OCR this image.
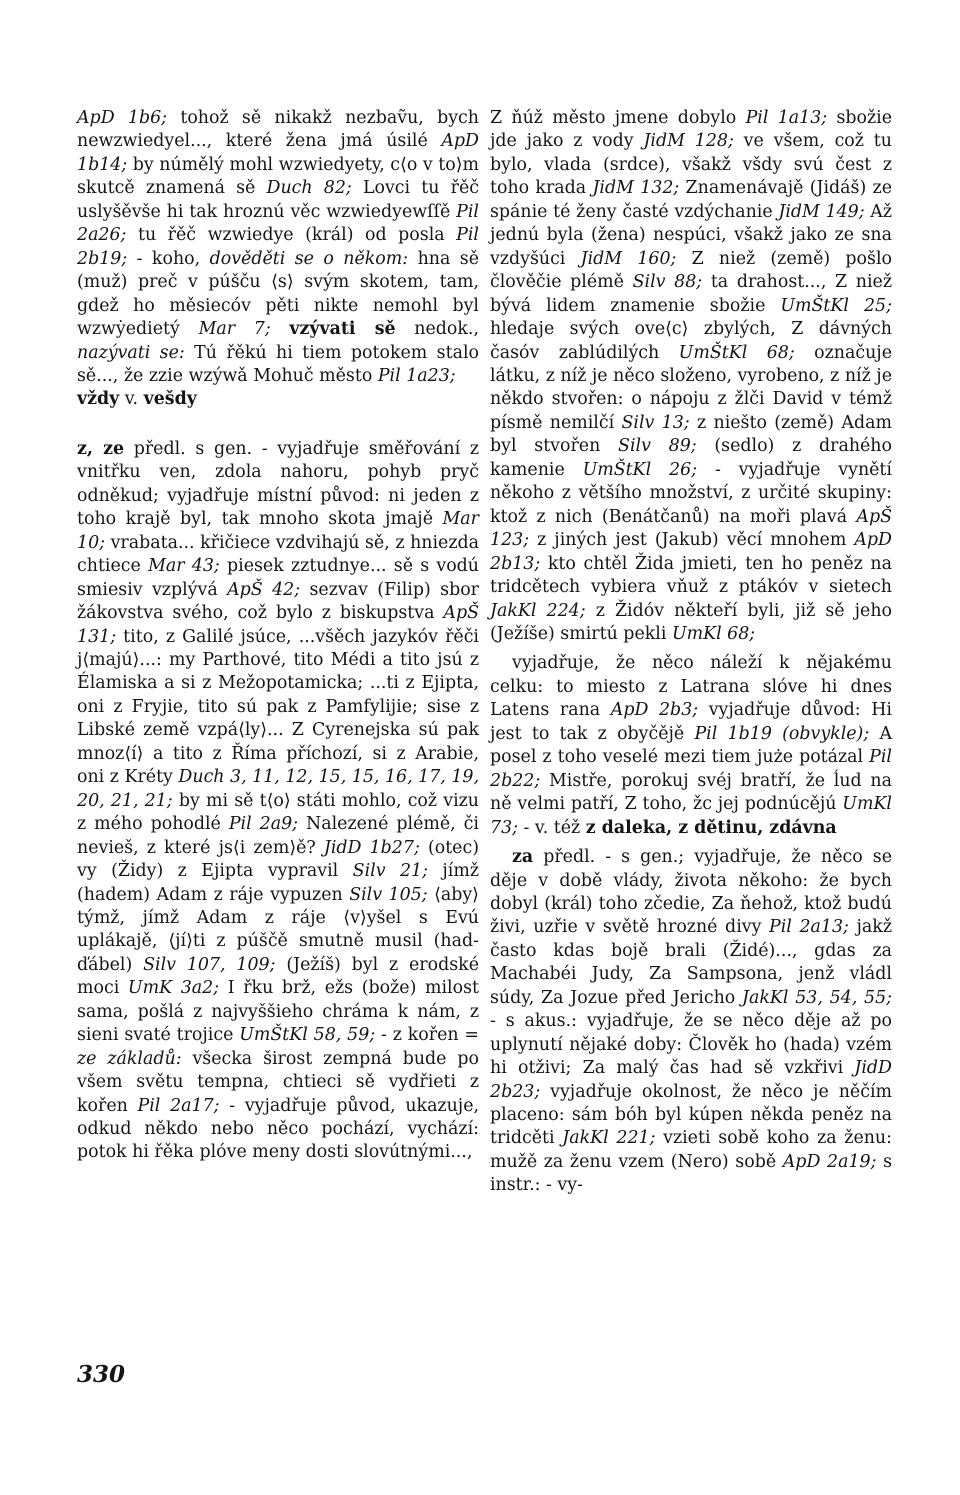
ApD 1b6; tohož sě nikakž nezbaṽu, bych newzwiedyel..., které žena jmá úsilé ApD 1b14; by númělý mohl wzwiedyety, c⟨o v to⟩m skutcě znamená sě Duch 82; Lovci tu řěč uslyšěvše hi tak hroznú věc wzwiedyewſſě Pil 2a26; tu řěč wzwiedye (král) od posla Pil 2b19; - koho, dověděti se o někom: hna sě (muž) preč v púšču ⟨s⟩ svým skotem, tam, gdež ho měsiecóv pěti nikte nemohl byl wzwẏedietý Mar 7; vzývati sě nedok., nazývati se: Tú řěkú hi tiem potokem stalo sě..., že zzie wzýwǎ Mohuč město Pil 1a23;

vždy v. vešdy

z, ze předl. s gen. - vyjadřuje směřování z vnitřku ven, zdola nahoru, pohyb pryč odněkud; vyjadřuje místní původ: ni jeden z toho krajě byl, tak mnoho skota jmajě Mar 10; vrabata... křičiece vzdvihajú sě, z hniezda chtiece Mar 43; piesek zztudnye... sě s vodú smiesiv vzplývá ApŠ 42; sezvav (Filip) sbor žákovstva svého, což bylo z biskupstva ApŠ 131; tito, z Galilé jsúce, ...všěch jazykóv řěči j⟨majú⟩...: my Parthové, tito Médi a tito jsú z Élamiska a si z Mežopotamicka; ...ti z Ejipta, oni z Fryjie, tito sú pak z Pamfylijie; sise z Libské země vzpá⟨ly⟩... Z Cyrenejska sú pak mnoz⟨í⟩ a tito z Říma příchozí, si z Arabie, oni z Kréty Duch 3, 11, 12, 15, 15, 16, 17, 19, 20, 21, 21; by mi sě t⟨o⟩ státi mohlo, což vizu z mého pohodlé Pil 2a9; Nalezené plémě, či nevieš, z které js⟨i zem⟩ě? JidD 1b27; (otec) vy (Židy) z Ejipta vypravil Silv 21; jímž (hadem) Adam z ráje vypuzen Silv 105; ⟨aby⟩ týmž, jímž Adam z ráje ⟨v⟩yšel s Evú uplákajě, ⟨jí⟩ti z púščě smutně musil (had-ďábel) Silv 107, 109; (Ježíš) byl z erodské moci UmK 3a2; I řku brž, ežs (bože) milost sama, pošlá z najvyššieho chráma k nám, z sieni svaté trojice UmŠtKl 58, 59; - z kořen = ze základů: všecka širost zempná bude po všem světu tempna, chtieci sě vydřieti z kořen Pil 2a17; - vyjadřuje původ, ukazuje, odkud někdo nebo něco pochází, vychází: potok hi řěka plóve meny dosti slovútnými...,

Z ňúž město jmene dobylo Pil 1a13; sbožie jde jako z vody JidM 128; ve všem, což tu bylo, vlada (srdce), všakž všdy svú čest z toho krada JidM 132; Znamenávajě (Jidáš) ze spánie té ženy časté vzdýchanie JidM 149; Až jednú byla (žena) nespúci, všakž jako ze sna vzdyšúci JidM 160; Z niež (země) pošlo člověčie plémě Silv 88; ta drahost..., Z niež bývá lidem znamenie sbožie UmŠtKl 25; hledaje svých ove⟨c⟩ zbylých, Z dávných časóv zablúdilých UmŠtKl 68; označuje látku, z níž je něco složeno, vyrobeno, z níž je někdo stvořen: o nápoju z žlči David v témž písmě nemilčí Silv 13; z niešto (země) Adam byl stvořen Silv 89; (sedlo) z drahého kamenie UmŠtKl 26; - vyjadřuje vynětí někoho z většího množství, z určité skupiny: ktož z nich (Benátčanů) na moři plavá ApŠ 123; z jiných jest (Jakub) věcí mnohem ApD 2b13; kto chtěl Žida jmieti, ten ho peněz na tridcětech vybiera vňuž z ptákóv v sietech JakKl 224; z Židóv někteří byli, již sě jeho (Ježíše) smirtú pekli UmKl 68;

vyjadřuje, že něco náleží k nějakému celku: to miesto z Latrana slóve hi dnes Latens rana ApD 2b3; vyjadřuje důvod: Hi jest to tak z obyčějě Pil 1b19 (obvykle); A posel z toho veselé mezi tiem jużе potázal Pil 2b22; Mistře, porokuj svéj bratří, že ĺud na ně velmi patří, Z toho, žc jej podnúcějú UmKl 73; - v. též z daleka, z dětinu, zdávna

za předl. - s gen.; vyjadřuje, že něco se děje v době vlády, života někoho: že bych dobyl (král) toho zčedie, Za ňehož, ktož budú živi, uzřie v světě hrozné divy Pil 2a13; jakž často kdas bojě brali (Židé)..., gdas za Machabéi Judy, Za Sampsona, jenž vládl súdy, Za Jozue před Jericho JakKl 53, 54, 55; - s akus.: vyjadřuje, že se něco děje až po uplynutí nějaké doby: Člověk ho (hada) vzém hi otživi; Za malý čas had sě vzkřivi JidD 2b23; vyjadřuje okolnost, že něco je něčím placeno: sám bóh byl kúpen někda peněz na tridcěti JakKl 221; vzieti sobě koho za ženu: mužě za ženu vzem (Nero) sobě ApD 2a19; s instr.: - vy-

330
